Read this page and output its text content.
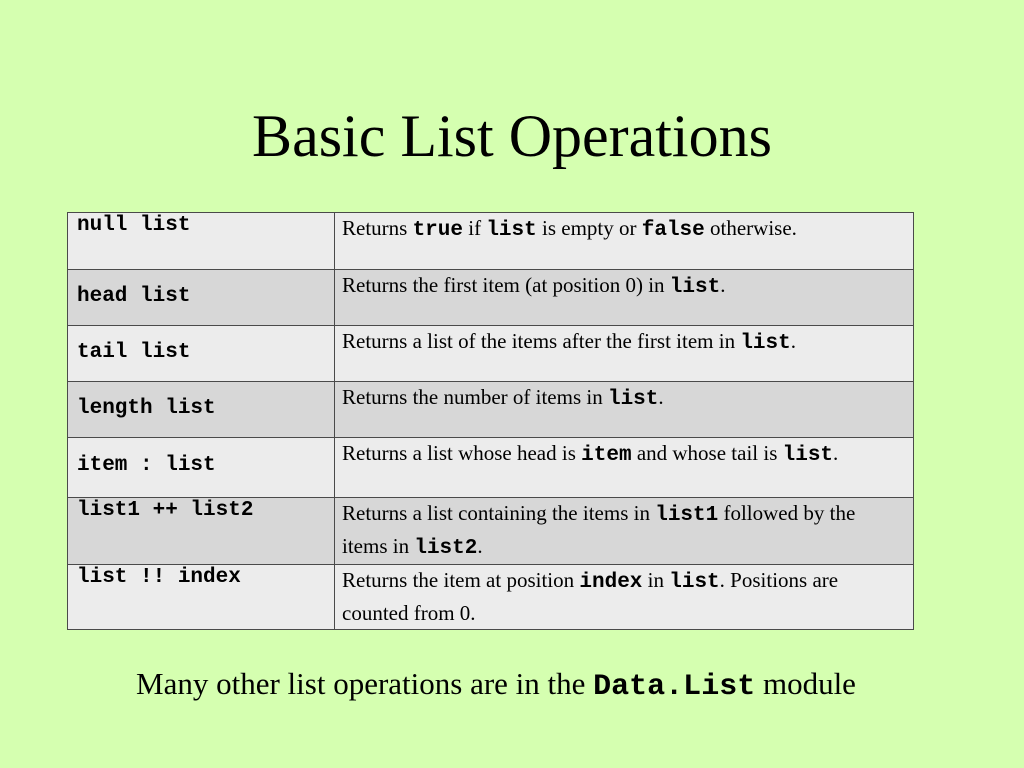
Basic List Operations
null list	Returns true if list is empty or false otherwise.

head list	Returns the first item (at position 0) in list.

tail list	Returns a list of the items after the first item in list.

length list	Returns the number of items in list.

item : list	Returns a list whose head is item and whose tail is list.

list1 ++ list2	Returns a list containing the items in list1 followed by the items in list2.

list !! index	Returns the item at position index in list. Positions are counted from 0.
Many other list operations are in the Data.List module
